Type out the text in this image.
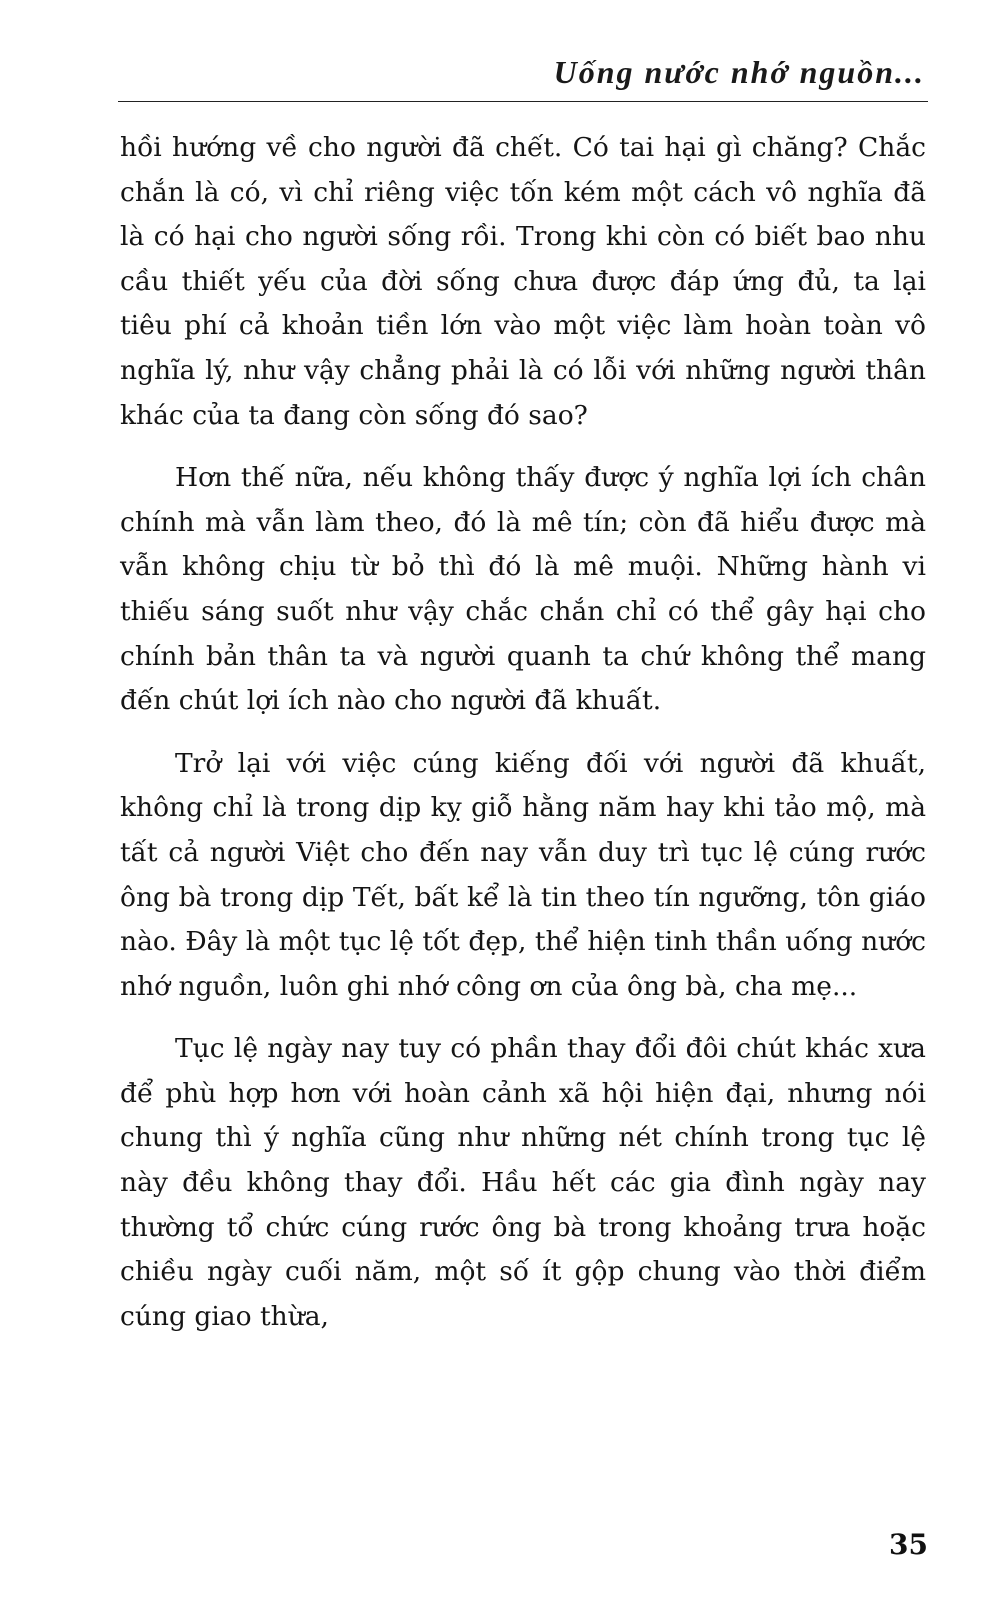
Uống nước nhớ nguồn...

hồi hướng về cho người đã chết. Có tai hại gì chăng? Chắc chắn là có, vì chỉ riêng việc tốn kém một cách vô nghĩa đã là có hại cho người sống rồi. Trong khi còn có biết bao nhu cầu thiết yếu của đời sống chưa được đáp ứng đủ, ta lại tiêu phí cả khoản tiền lớn vào một việc làm hoàn toàn vô nghĩa lý, như vậy chẳng phải là có lỗi với những người thân khác của ta đang còn sống đó sao?

Hơn thế nữa, nếu không thấy được ý nghĩa lợi ích chân chính mà vẫn làm theo, đó là mê tín; còn đã hiểu được mà vẫn không chịu từ bỏ thì đó là mê muội. Những hành vi thiếu sáng suốt như vậy chắc chắn chỉ có thể gây hại cho chính bản thân ta và người quanh ta chứ không thể mang đến chút lợi ích nào cho người đã khuất.

Trở lại với việc cúng kiếng đối với người đã khuất, không chỉ là trong dịp kỵ giỗ hằng năm hay khi tảo mộ, mà tất cả người Việt cho đến nay vẫn duy trì tục lệ cúng rước ông bà trong dịp Tết, bất kể là tin theo tín ngưỡng, tôn giáo nào. Đây là một tục lệ tốt đẹp, thể hiện tinh thần uống nước nhớ nguồn, luôn ghi nhớ công ơn của ông bà, cha mẹ...

Tục lệ ngày nay tuy có phần thay đổi đôi chút khác xưa để phù hợp hơn với hoàn cảnh xã hội hiện đại, nhưng nói chung thì ý nghĩa cũng như những nét chính trong tục lệ này đều không thay đổi. Hầu hết các gia đình ngày nay thường tổ chức cúng rước ông bà trong khoảng trưa hoặc chiều ngày cuối năm, một số ít gộp chung vào thời điểm cúng giao thừa,

35
